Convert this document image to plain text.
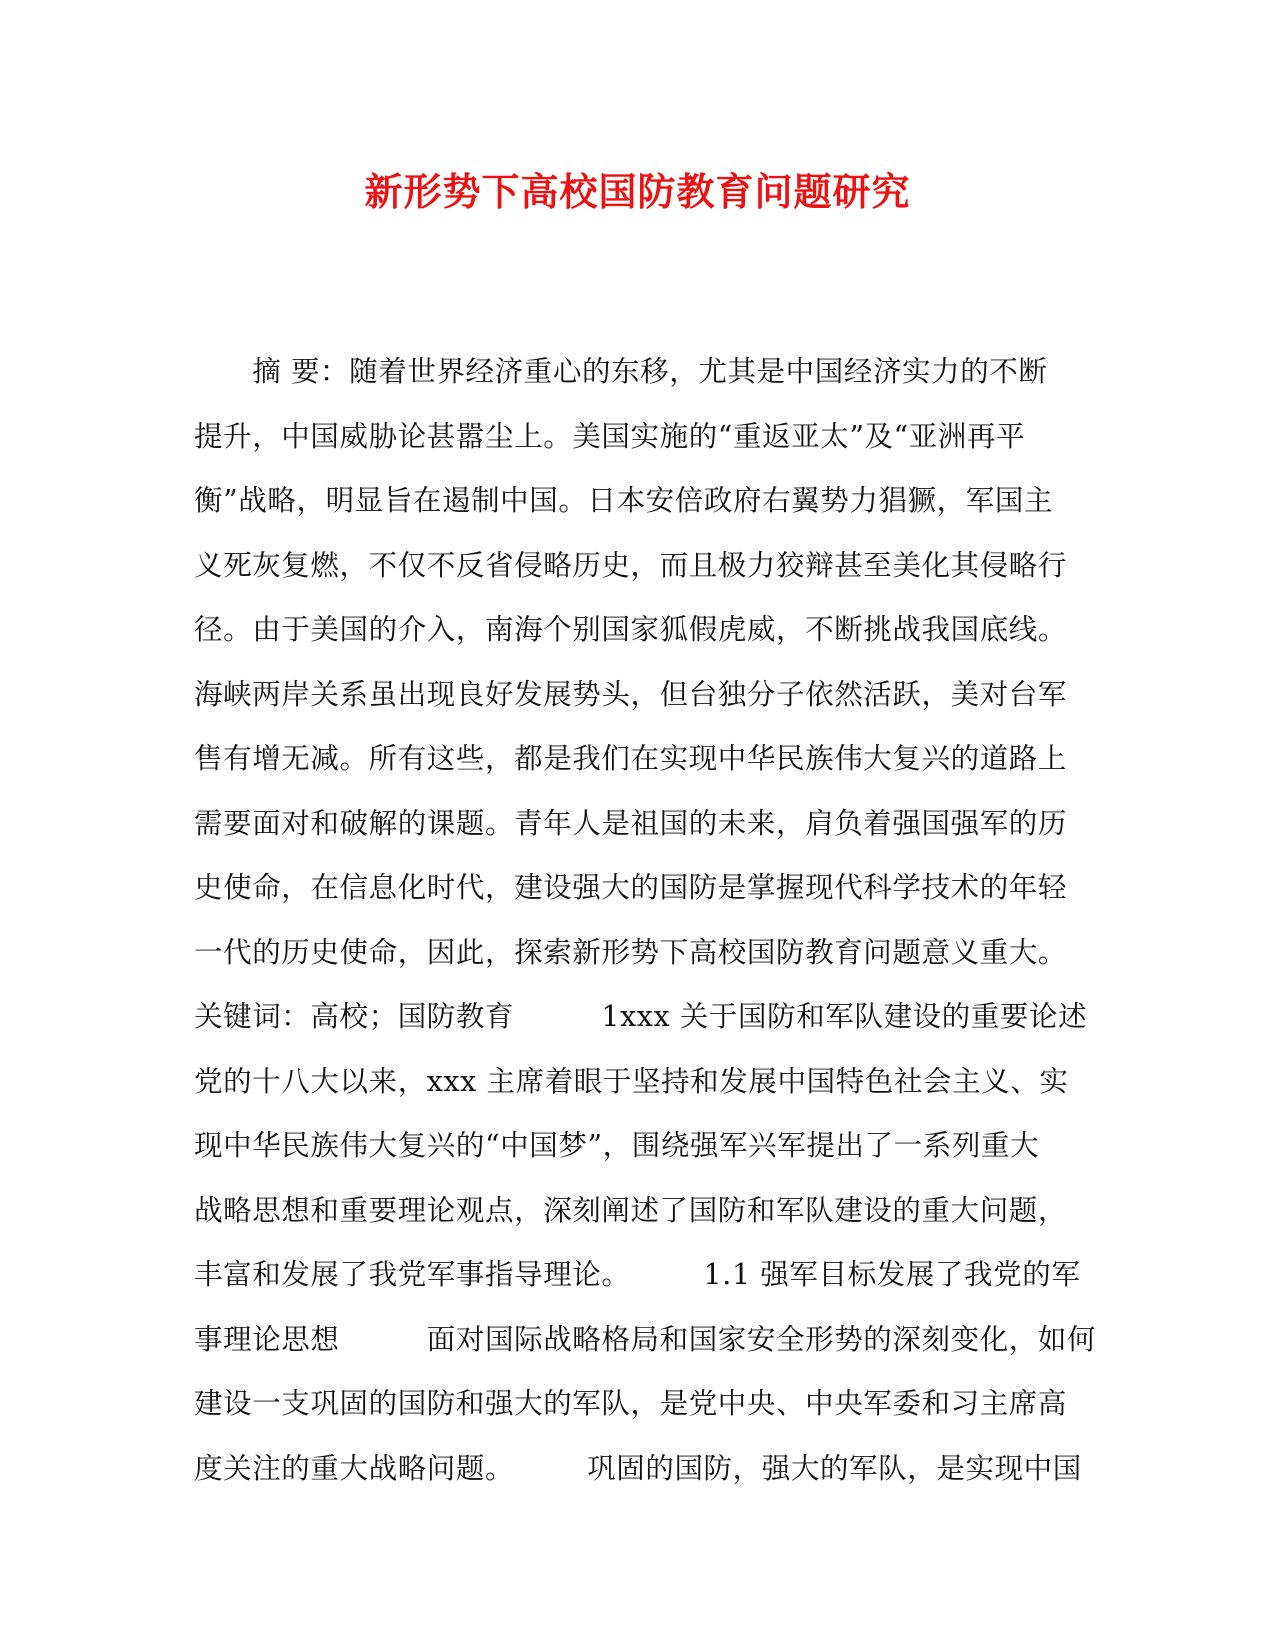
新形势下高校国防教育问题研究
　　摘 要：随着世界经济重心的东移，尤其是中国经济实力的不断
提升，中国威胁论甚嚣尘上。美国实施的“重返亚太”及“亚洲再平
衡”战略，明显旨在遏制中国。日本安倍政府右翼势力猖獗，军国主
义死灰复燃，不仅不反省侵略历史，而且极力狡辩甚至美化其侵略行
径。由于美国的介入，南海个别国家狐假虎威，不断挑战我国底线。
海峡两岸关系虽出现良好发展势头，但台独分子依然活跃，美对台军
售有增无减。所有这些，都是我们在实现中华民族伟大复兴的道路上
需要面对和破解的课题。青年人是祖国的未来，肩负着强国强军的历
史使命，在信息化时代，建设强大的国防是掌握现代科学技术的年轻
一代的历史使命，因此，探索新形势下高校国防教育问题意义重大。
关键词：高校；国防教育　　　1xxx 关于国防和军队建设的重要论述
党的十八大以来，xxx 主席着眼于坚持和发展中国特色社会主义、实
现中华民族伟大复兴的“中国梦”，围绕强军兴军提出了一系列重大
战略思想和重要理论观点，深刻阐述了国防和军队建设的重大问题，
丰富和发展了我党军事指导理论。　　　1.1 强军目标发展了我党的军
事理论思想　　　面对国际战略格局和国家安全形势的深刻变化，如何
建设一支巩固的国防和强大的军队，是党中央、中央军委和习主席高
度关注的重大战略问题。　　　巩固的国防，强大的军队，是实现中国
